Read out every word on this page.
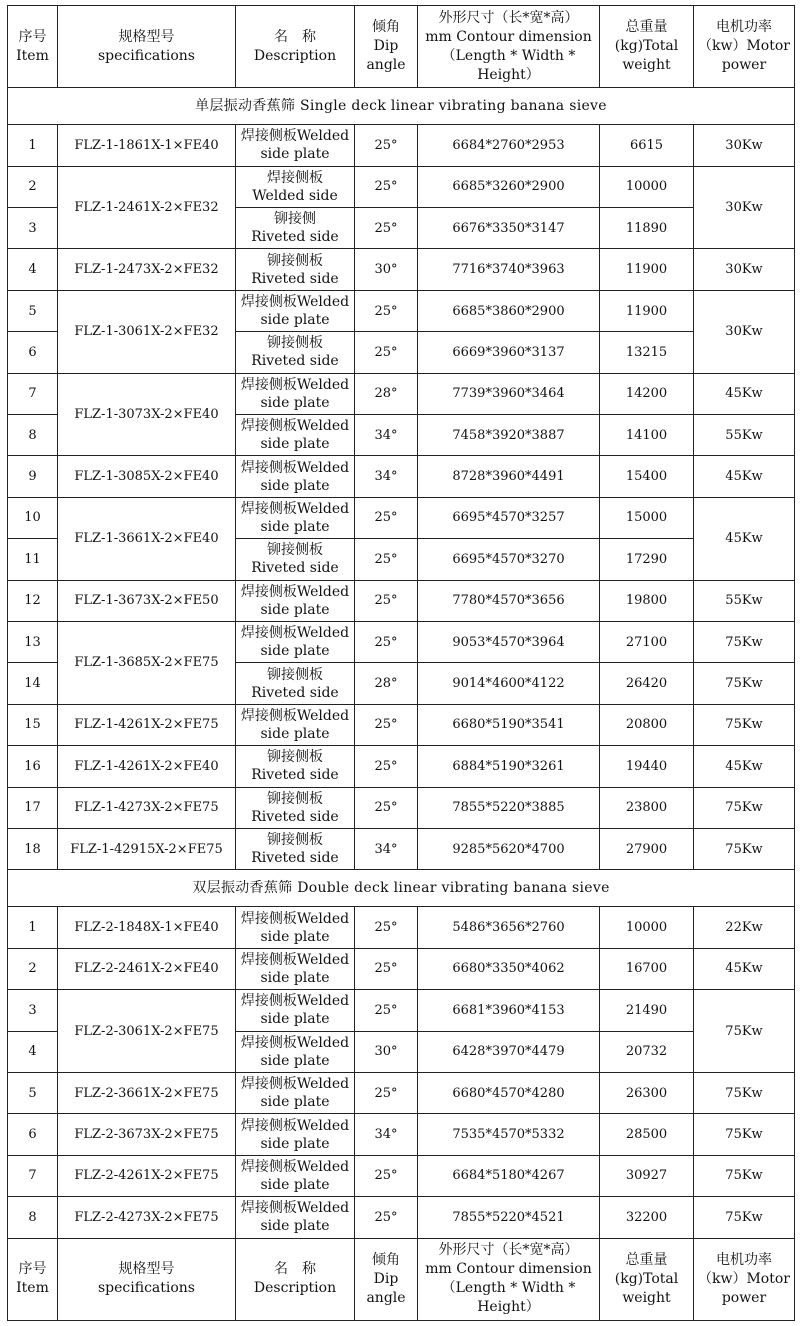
序号
Item	规格型号
specifications	名　称
Description	倾角
Dip
angle	外形尺寸（长*宽*高）
mm Contour dimension
（Length * Width *
Height）	总重量
(kg)Total
weight	电机功率
（kw）Motor
power
单层振动香蕉筛 Single deck linear vibrating banana sieve						
1	FLZ-1-1861X-1×FE40	焊接侧板Welded
side plate	25°	6684*2760*2953	6615	30Kw
2	FLZ-1-2461X-2×FE32	焊接侧板
Welded side	25°	6685*3260*2900	10000	30Kw
3		铆接侧
Riveted side	25°	6676*3350*3147	11890	
4	FLZ-1-2473X-2×FE32	铆接侧板
Riveted side	30°	7716*3740*3963	11900	30Kw
5	FLZ-1-3061X-2×FE32	焊接侧板Welded
side plate	25°	6685*3860*2900	11900	30Kw
6		铆接侧板
Riveted side	25°	6669*3960*3137	13215	
7	FLZ-1-3073X-2×FE40	焊接侧板Welded
side plate	28°	7739*3960*3464	14200	45Kw
8		焊接侧板Welded
side plate	34°	7458*3920*3887	14100	55Kw
9	FLZ-1-3085X-2×FE40	焊接侧板Welded
side plate	34°	8728*3960*4491	15400	45Kw
10	FLZ-1-3661X-2×FE40	焊接侧板Welded
side plate	25°	6695*4570*3257	15000	45Kw
11		铆接侧板
Riveted side	25°	6695*4570*3270	17290	
12	FLZ-1-3673X-2×FE50	焊接侧板Welded
side plate	25°	7780*4570*3656	19800	55Kw
13	FLZ-1-3685X-2×FE75	焊接侧板Welded
side plate	25°	9053*4570*3964	27100	75Kw
14		铆接侧板
Riveted side	28°	9014*4600*4122	26420	75Kw
15	FLZ-1-4261X-2×FE75	焊接侧板Welded
side plate	25°	6680*5190*3541	20800	75Kw
16	FLZ-1-4261X-2×FE40	铆接侧板
Riveted side	25°	6884*5190*3261	19440	45Kw
17	FLZ-1-4273X-2×FE75	铆接侧板
Riveted side	25°	7855*5220*3885	23800	75Kw
18	FLZ-1-42915X-2×FE75	铆接侧板
Riveted side	34°	9285*5620*4700	27900	75Kw
双层振动香蕉筛 Double deck linear vibrating banana sieve						
1	FLZ-2-1848X-1×FE40	焊接侧板Welded
side plate	25°	5486*3656*2760	10000	22Kw
2	FLZ-2-2461X-2×FE40	焊接侧板Welded
side plate	25°	6680*3350*4062	16700	45Kw
3	FLZ-2-3061X-2×FE75	焊接侧板Welded
side plate	25°	6681*3960*4153	21490	75Kw
4		焊接侧板Welded
side plate	30°	6428*3970*4479	20732	
5	FLZ-2-3661X-2×FE75	焊接侧板Welded
side plate	25°	6680*4570*4280	26300	75Kw
6	FLZ-2-3673X-2×FE75	焊接侧板Welded
side plate	34°	7535*4570*5332	28500	75Kw
7	FLZ-2-4261X-2×FE75	焊接侧板Welded
side plate	25°	6684*5180*4267	30927	75Kw
8	FLZ-2-4273X-2×FE75	焊接侧板Welded
side plate	25°	7855*5220*4521	32200	75Kw
序号
Item	规格型号
specifications	名　称
Description	倾角
Dip
angle	外形尺寸（长*宽*高）
mm Contour dimension
（Length * Width *
Height）	总重量
(kg)Total
weight	电机功率
（kw）Motor
power
